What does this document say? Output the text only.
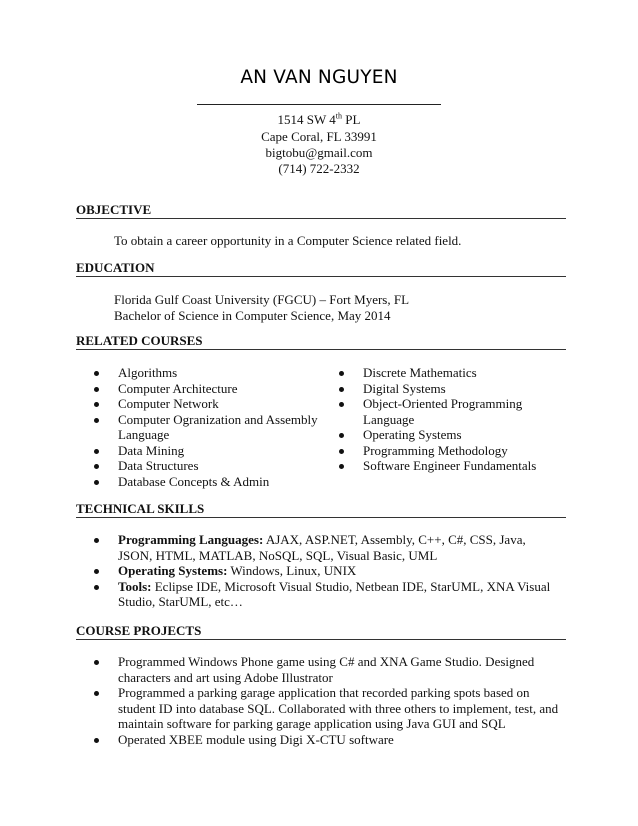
AN VAN NGUYEN
1514 SW 4th PL
Cape Coral, FL 33991
bigtobu@gmail.com
(714) 722-2332
OBJECTIVE
To obtain a career opportunity in a Computer Science related field.
EDUCATION
Florida Gulf Coast University (FGCU) – Fort Myers, FL
Bachelor of Science in Computer Science, May 2014
RELATED COURSES
Algorithms
Computer Architecture
Computer Network
Computer Ogranization and Assembly Language
Data Mining
Data Structures
Database Concepts & Admin
Discrete Mathematics
Digital Systems
Object-Oriented Programming Language
Operating Systems
Programming Methodology
Software Engineer Fundamentals
TECHNICAL SKILLS
Programming Languages: AJAX, ASP.NET, Assembly, C++, C#, CSS, Java, JSON, HTML, MATLAB, NoSQL, SQL, Visual Basic, UML
Operating Systems: Windows, Linux, UNIX
Tools: Eclipse IDE, Microsoft Visual Studio, Netbean IDE, StarUML, XNA Visual Studio, StarUML, etc…
COURSE PROJECTS
Programmed Windows Phone game using C# and XNA Game Studio. Designed characters and art using Adobe Illustrator
Programmed a parking garage application that recorded parking spots based on student ID into database SQL. Collaborated with three others to implement, test, and maintain software for parking garage application using Java GUI and SQL
Operated XBEE module using Digi X-CTU software
